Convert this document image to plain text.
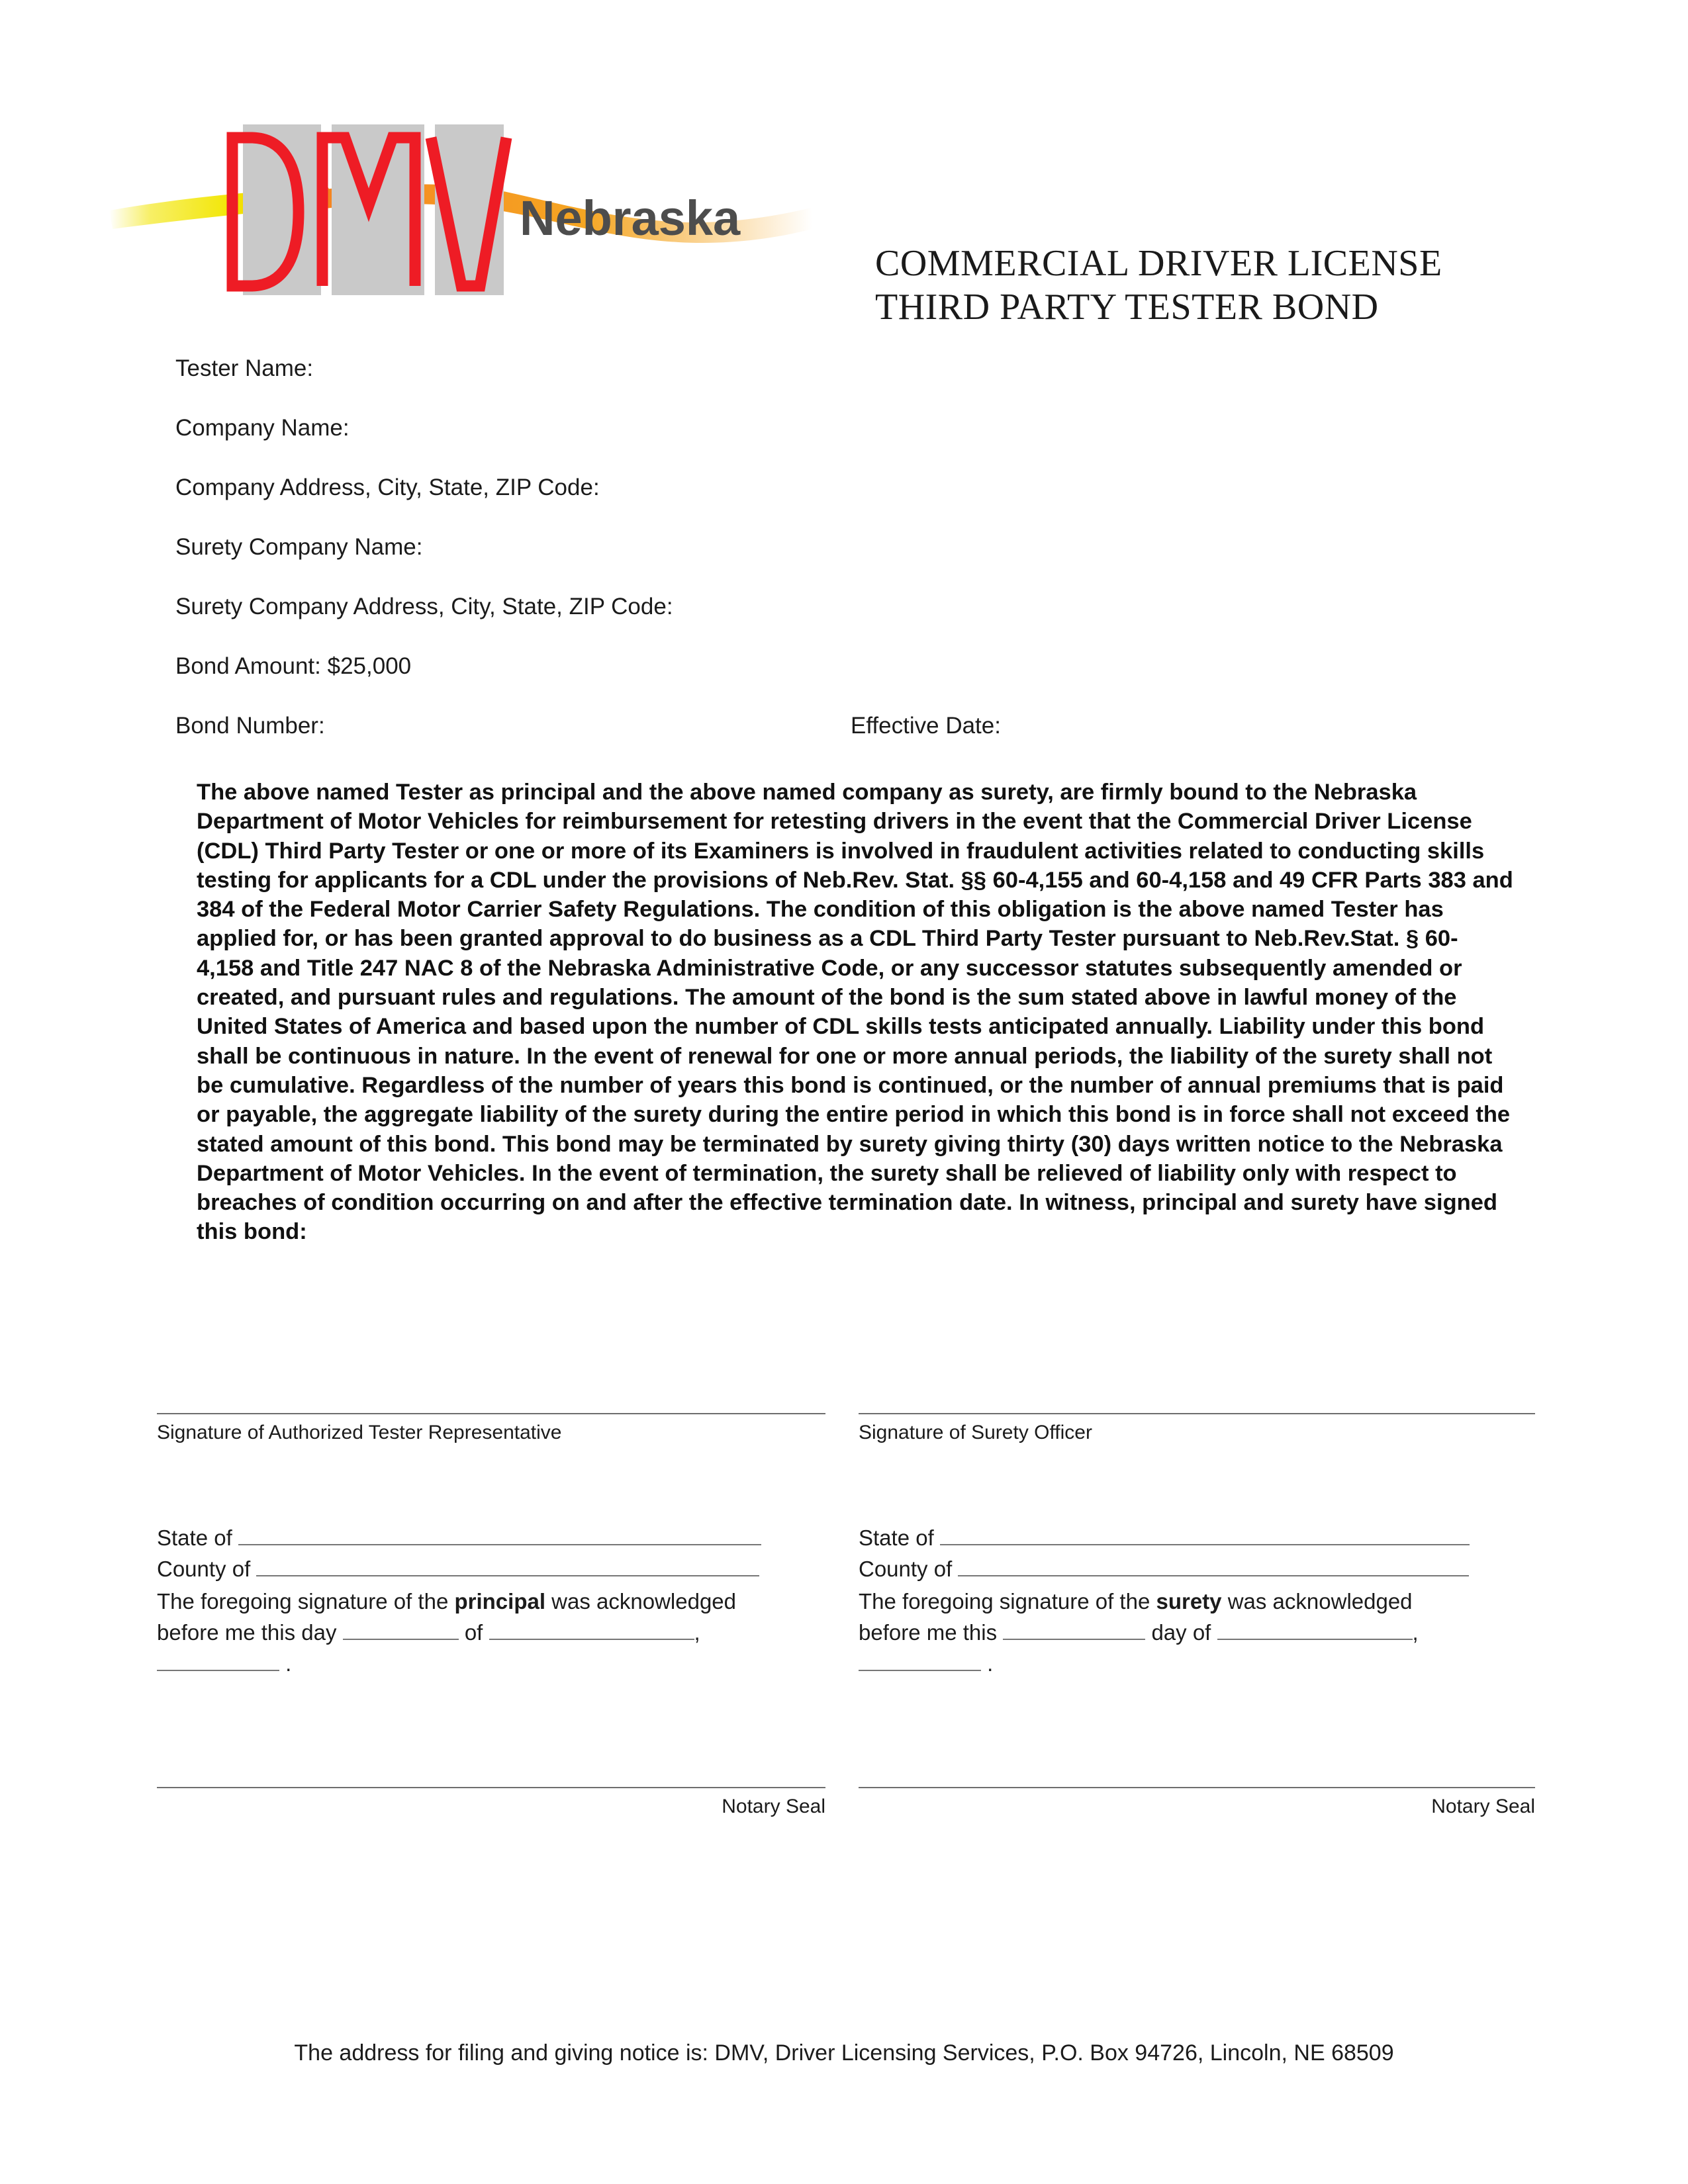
Nebraska
COMMERCIAL DRIVER LICENSE
THIRD PARTY TESTER BOND
Tester Name:
Company Name:
Company Address, City, State, ZIP Code:
Surety Company Name:
Surety Company Address, City, State, ZIP Code:
Bond Amount: $25,000
Bond Number:	Effective Date:
The above named Tester as principal and the above named company as surety, are firmly bound to the Nebraska Department of Motor Vehicles for reimbursement for retesting drivers in the event that the Commercial Driver License (CDL) Third Party Tester or one or more of its Examiners is involved in fraudulent activities related to conducting skills testing for applicants for a CDL under the provisions of Neb.Rev. Stat. §§ 60-4,155 and 60-4,158 and 49 CFR Parts 383 and 384 of the Federal Motor Carrier Safety Regulations. The condition of this obligation is the above named Tester has applied for, or has been granted approval to do business as a CDL Third Party Tester pursuant to Neb.Rev.Stat. § 60- 4,158 and Title 247 NAC 8 of the Nebraska Administrative Code, or any successor statutes subsequently amended or created, and pursuant rules and regulations. The amount of the bond is the sum stated above in lawful money of the United States of America and based upon the number of CDL skills tests anticipated annually. Liability under this bond shall be continuous in nature. In the event of renewal for one or more annual periods, the liability of the surety shall not be cumulative. Regardless of the number of years this bond is continued, or the number of annual premiums that is paid or payable, the aggregate liability of the surety during the entire period in which this bond is in force shall not exceed the stated amount of this bond. This bond may be terminated by surety giving thirty (30) days written notice to the Nebraska Department of Motor Vehicles. In the event of termination, the surety shall be relieved of liability only with respect to breaches of condition occurring on and after the effective termination date. In witness, principal and surety have signed this bond:
Signature of Authorized Tester Representative	Signature of Surety Officer
State of
County of
The foregoing signature of the principal was acknowledged
before me this day	of	,
.
State of
County of
The foregoing signature of the surety was acknowledged
before me this	day of	,
.
Notary Seal	Notary Seal
The address for filing and giving notice is: DMV, Driver Licensing Services, P.O. Box 94726, Lincoln, NE 68509
